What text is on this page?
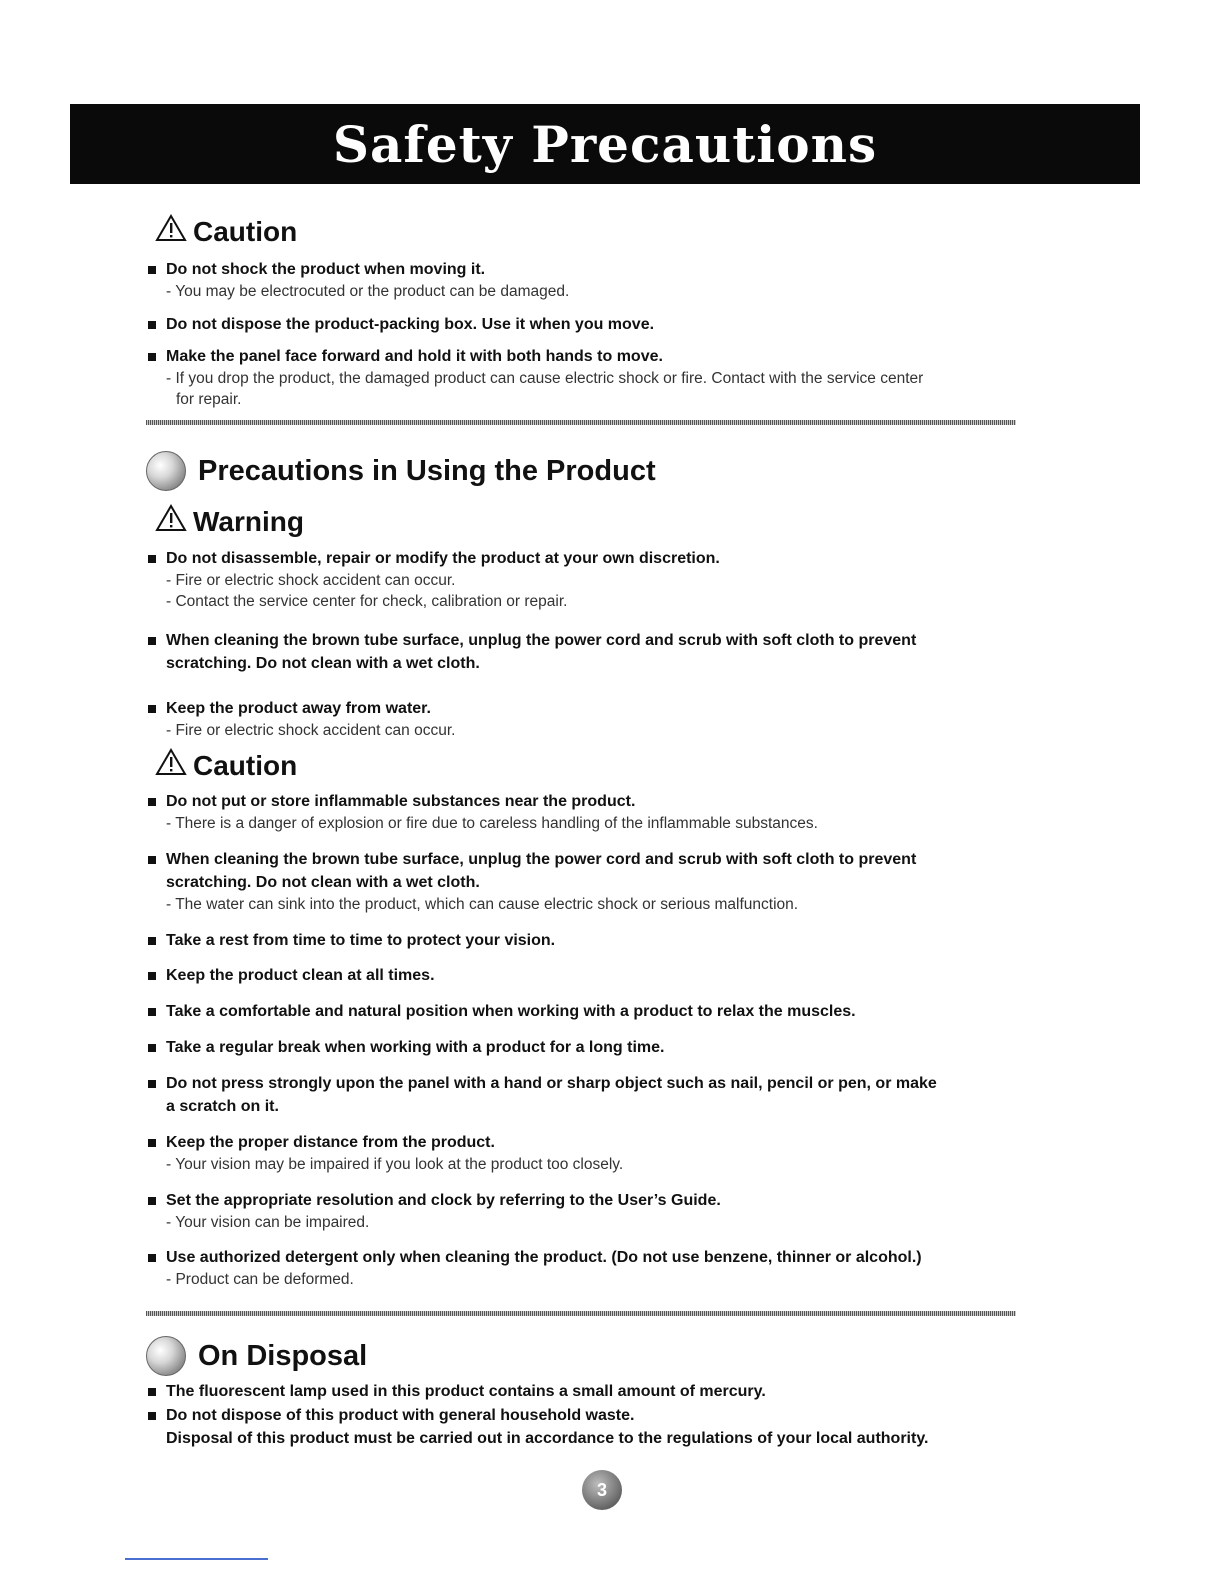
Safety Precautions
Caution
Do not shock the product when moving it.
- You may be electrocuted or the product can be damaged.
Do not dispose the product-packing box. Use it when you move.
Make the panel face forward and hold it with both hands to move.
- If you drop the product, the damaged product can cause electric shock or fire. Contact with the service center
for repair.
Precautions in Using the Product
Warning
Do not disassemble, repair or modify the product at your own discretion.
- Fire or electric shock accident can occur.
- Contact the service center for check, calibration or repair.
When cleaning the brown tube surface, unplug the power cord and scrub with soft cloth to prevent
scratching. Do not clean with a wet cloth.
Keep the product away from water.
- Fire or electric shock accident can occur.
Caution
Do not put or store inflammable substances near the product.
- There is a danger of explosion or fire due to careless handling of the inflammable substances.
When cleaning the brown tube surface, unplug the power cord and scrub with soft cloth to prevent
scratching. Do not clean with a wet cloth.
- The water can sink into the product, which can cause electric shock or serious malfunction.
Take a rest from time to time to protect your vision.
Keep the product clean at all times.
Take a comfortable and natural position when working with a product to relax the muscles.
Take a regular break when working with a product for a long time.
Do not press strongly upon the panel with a hand or sharp object such as nail, pencil or pen, or make
a scratch on it.
Keep the proper distance from the product.
- Your vision may be impaired if you look at the product too closely.
Set the appropriate resolution and clock by referring to the User’s Guide.
- Your vision can be impaired.
Use authorized detergent only when cleaning the product. (Do not use benzene, thinner or alcohol.)
- Product can be deformed.
On Disposal
The fluorescent lamp used in this product contains a small amount of mercury.
Do not dispose of this product with general household waste.
Disposal of this product must be carried out in accordance to the regulations of your local authority.
3
